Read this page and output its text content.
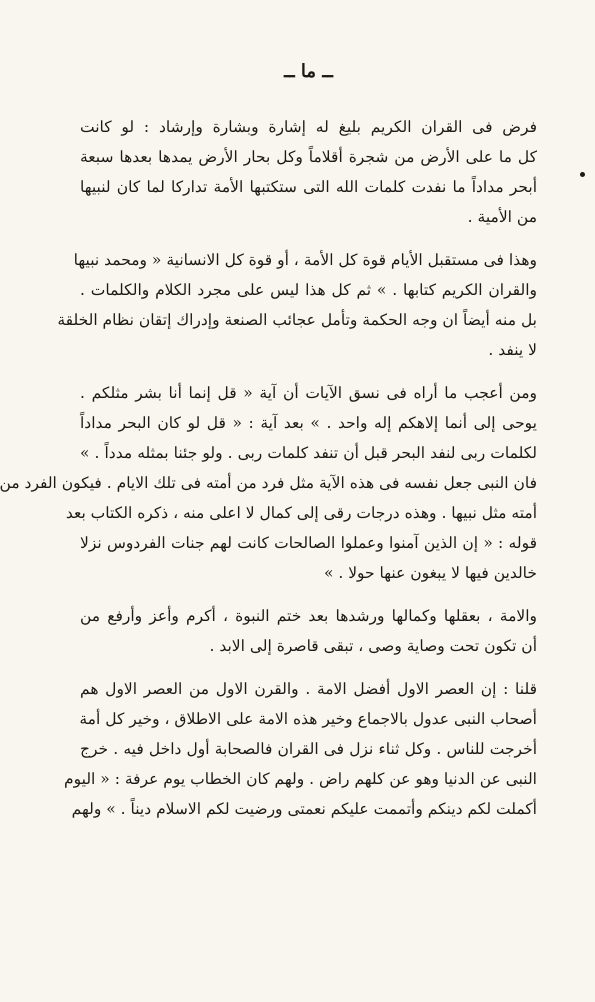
ــ ما ــ
فرض فى القران الكريم بليغ له إشارة وبشارة وإرشاد : لو كانت
كل ما على الأرض من شجرة أقلاماً وكل بحار الأرض يمدها بعدها سبعة
أبحر مداداً ما نفدت كلمات الله التى ستكتبها الأمة تداركا لما كان لنبيها
من الأمية .
وهذا فى مستقبل الأيام قوة كل الأمة ، أو قوة كل الانسانية « ومحمد نبيها
والقران الكريم كتابها . » ثم كل هذا ليس على مجرد الكلام والكلمات .
بل منه أيضاً ان وجه الحكمة وتأمل عجائب الصنعة وإدراك إتقان نظام الخلقة
لا ينفد .
ومن أعجب ما أراه فى نسق الآيات أن آية « قل إنما أنا بشر مثلكم .
يوحى إلى أنما إلاهكم إله واحد . » بعد آية : « قل لو كان البحر مداداً
لكلمات ربى لنفد البحر قبل أن تنفد كلمات ربى . ولو جئنا بمثله مدداً . »
فان النبى جعل نفسه فى هذه الآية مثل فرد من أمته فى تلك الايام . فيكون الفرد من
أمته مثل نبيها . وهذه درجات رقى إلى كمال لا اعلى منه ، ذكره الكتاب بعد
قوله : « إن الذين آمنوا وعملوا الصالحات كانت لهم جنات الفردوس نزلا
خالدين فيها لا يبغون عنها حولا . »
والامة ، بعقلها وكمالها ورشدها بعد ختم النبوة ، أكرم وأعز وأرفع من
أن تكون تحت وصاية وصى ، تبقى قاصرة إلى الابد .
قلنا : إن العصر الاول أفضل الامة . والقرن الاول من العصر الاول هم
أصحاب النبى عدول بالاجماع وخير هذه الامة على الاطلاق ، وخير كل أمة
أخرجت للناس . وكل ثناء نزل فى القران فالصحابة أول داخل فيه . خرج
النبى عن الدنيا وهو عن كلهم راض . ولهم كان الخطاب يوم عرفة : « اليوم
أكملت لكم دينكم وأتممت عليكم نعمتى ورضيت لكم الاسلام ديناً . » ولهم
